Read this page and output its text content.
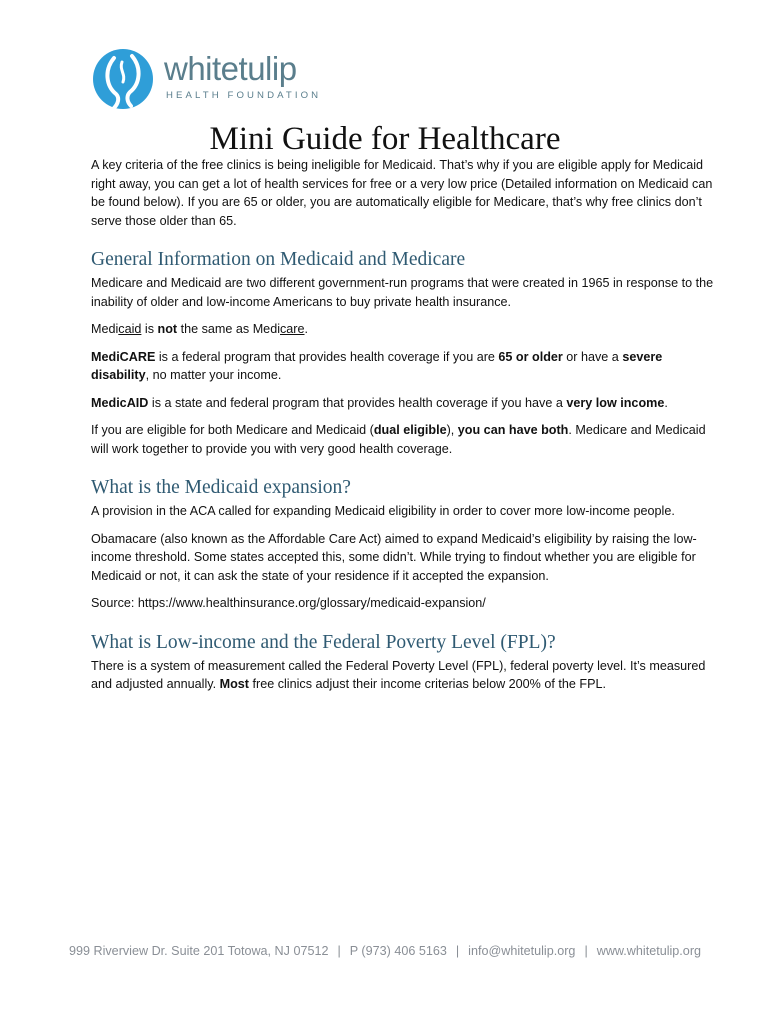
whitetulip
HEALTH FOUNDATION
Mini Guide for Healthcare

A key criteria of the free clinics is being ineligible for Medicaid. That’s why if you are eligible apply for Medicaid right away, you can get a lot of health services for free or a very low price (Detailed information on Medicaid can be found below). If you are 65 or older, you are automatically eligible for Medicare, that’s why free clinics don’t serve those older than 65.

General Information on Medicaid and Medicare

Medicare and Medicaid are two different government-run programs that were created in 1965 in response to the inability of older and low-income Americans to buy private health insurance.

Medicaid is not the same as Medicare.

MediCARE is a federal program that provides health coverage if you are 65 or older or have a severe disability, no matter your income.

MedicAID is a state and federal program that provides health coverage if you have a very low income.

If you are eligible for both Medicare and Medicaid (dual eligible), you can have both. Medicare and Medicaid will work together to provide you with very good health coverage.

What is the Medicaid expansion?

A provision in the ACA called for expanding Medicaid eligibility in order to cover more low-income people.

Obamacare (also known as the Affordable Care Act) aimed to expand Medicaid’s eligibility by raising the low-income threshold. Some states accepted this, some didn’t. While trying to findout whether you are eligible for Medicaid or not, it can ask the state of your residence if it accepted the expansion.

Source: https://www.healthinsurance.org/glossary/medicaid-expansion/

What is Low-income and the Federal Poverty Level (FPL)?

There is a system of measurement called the Federal Poverty Level (FPL), federal poverty level. It’s measured and adjusted annually. Most free clinics adjust their income criterias below 200% of the FPL.

999 Riverview Dr. Suite 201 Totowa, NJ 07512 | P (973) 406 5163 | info@whitetulip.org | www.whitetulip.org
